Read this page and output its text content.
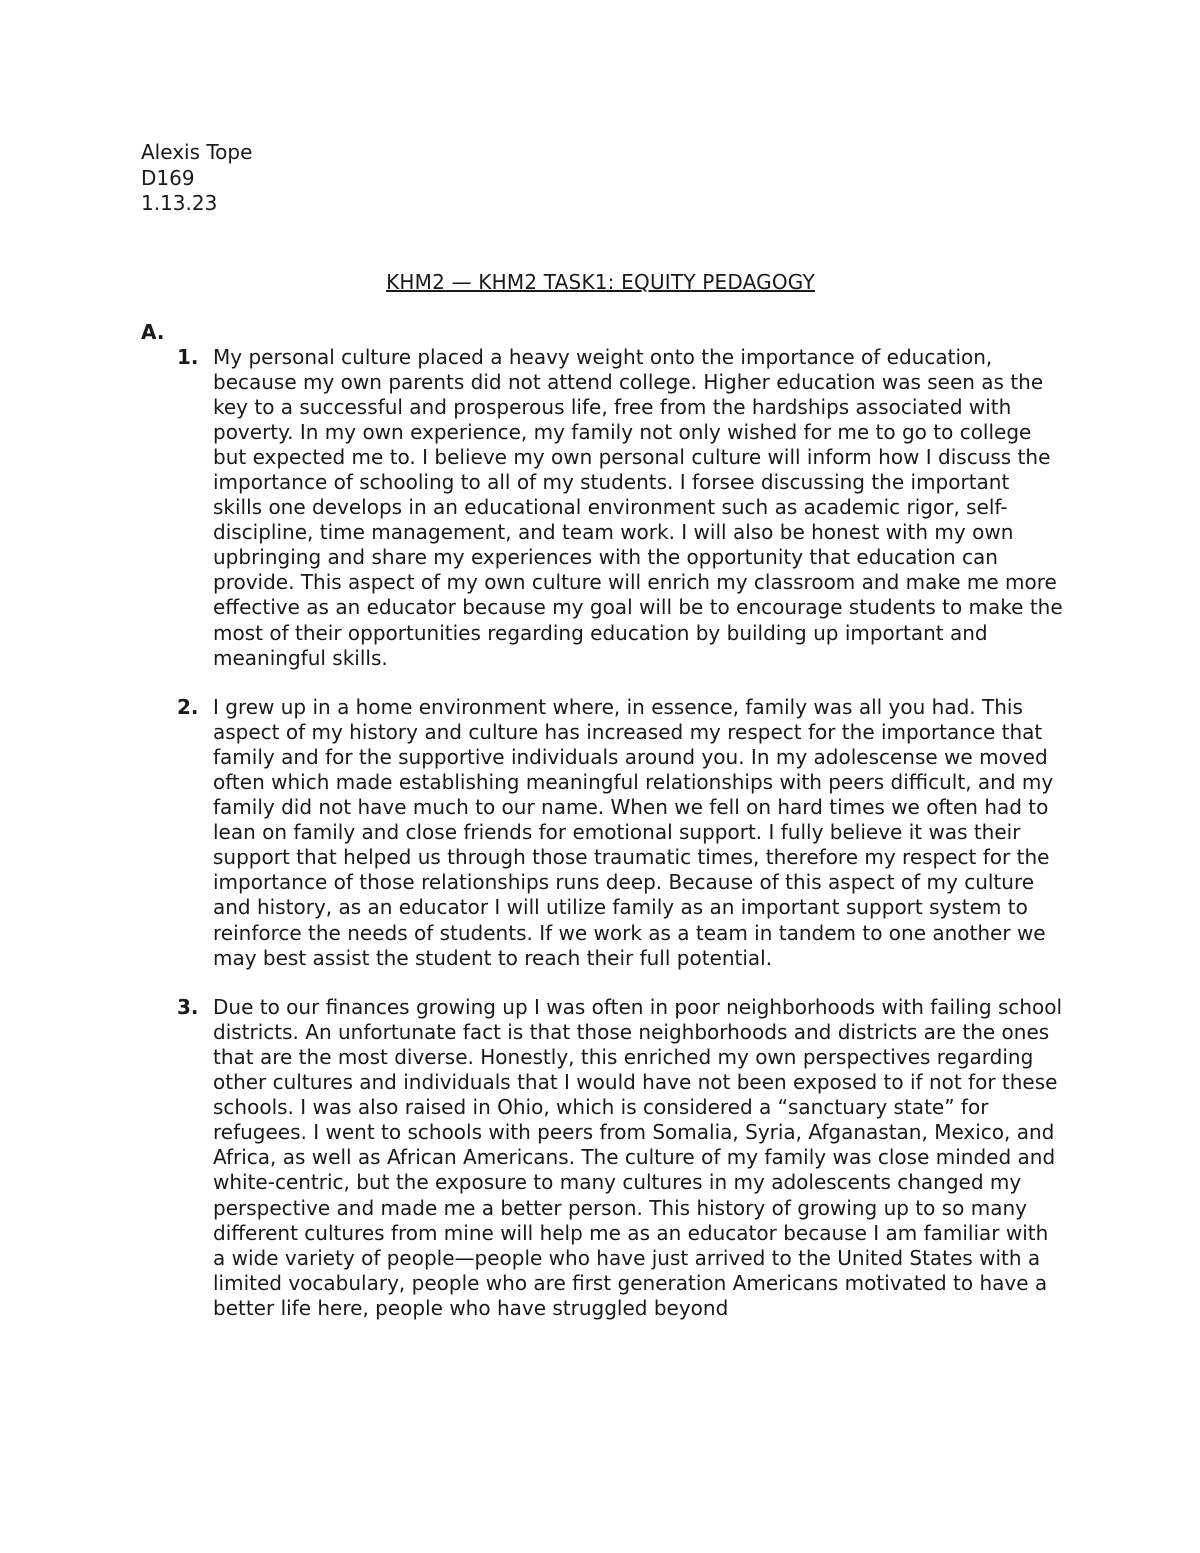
Alexis Tope
D169
1.13.23
KHM2 — KHM2 TASK1: EQUITY PEDAGOGY
A.
1. My personal culture placed a heavy weight onto the importance of education, because my own parents did not attend college. Higher education was seen as the key to a successful and prosperous life, free from the hardships associated with poverty. In my own experience, my family not only wished for me to go to college but expected me to. I believe my own personal culture will inform how I discuss the importance of schooling to all of my students. I forsee discussing the important skills one develops in an educational environment such as academic rigor, self-discipline, time management, and team work. I will also be honest with my own upbringing and share my experiences with the opportunity that education can provide. This aspect of my own culture will enrich my classroom and make me more effective as an educator because my goal will be to encourage students to make the most of their opportunities regarding education by building up important and meaningful skills.
2. I grew up in a home environment where, in essence, family was all you had. This aspect of my history and culture has increased my respect for the importance that family and for the supportive individuals around you. In my adolescense we moved often which made establishing meaningful relationships with peers difficult, and my family did not have much to our name. When we fell on hard times we often had to lean on family and close friends for emotional support. I fully believe it was their support that helped us through those traumatic times, therefore my respect for the importance of those relationships runs deep. Because of this aspect of my culture and history, as an educator I will utilize family as an important support system to reinforce the needs of students. If we work as a team in tandem to one another we may best assist the student to reach their full potential.
3. Due to our finances growing up I was often in poor neighborhoods with failing school districts. An unfortunate fact is that those neighborhoods and districts are the ones that are the most diverse. Honestly, this enriched my own perspectives regarding other cultures and individuals that I would have not been exposed to if not for these schools. I was also raised in Ohio, which is considered a “sanctuary state” for refugees. I went to schools with peers from Somalia, Syria, Afganastan, Mexico, and Africa, as well as African Americans. The culture of my family was close minded and white-centric, but the exposure to many cultures in my adolescents changed my perspective and made me a better person. This history of growing up to so many different cultures from mine will help me as an educator because I am familiar with a wide variety of people—people who have just arrived to the United States with a limited vocabulary, people who are first generation Americans motivated to have a better life here, people who have struggled beyond
